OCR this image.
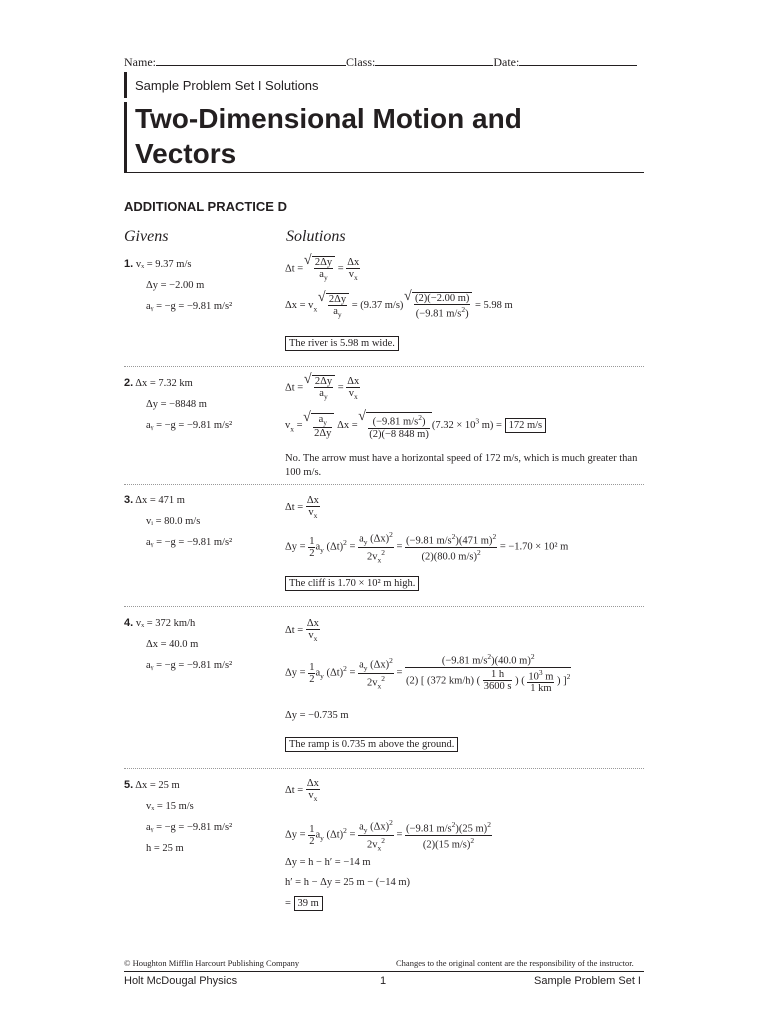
Name:	Class:	Date:
Sample Problem Set I Solutions
Two-Dimensional Motion and
Vectors
ADDITIONAL PRACTICE D
Givens	Solutions
1. vₓ = 9.37 m/s
Δy = −2.00 m
aᵧ = −g = −9.81 m/s²
Δt = √ $\frac{2\Delta y}{a_y} = \frac{\Delta x}{v_x}$
$\Delta x = v_x$ √ $\frac{2\Delta y}{a_y} = (9.37$ m/s) √ $\frac{(2)(-2.00 m)}{(-9.81 m/s^2)} = 5.98$ m
The river is 5.98 m wide.
2. Δx = 7.32 km
Δy = −8848 m
aᵧ = −g = −9.81 m/s²
Δt = √ $\frac{2\Delta y}{a_y} = \frac{\Delta x}{v_x}$
$v_x$ = √ $\frac{a_y}{2\Delta y}$ Δx = √ $\frac{(-9.81 m/s^2)}{(2)(-8 848 m)} (7.32 \times 10^3$ m) = 172 m/s
No. The arrow must have a horizontal speed of 172 m/s, which is much greater than 100 m/s.
3. Δx = 471 m
vᵢ = 80.0 m/s
aᵧ = −g = −9.81 m/s²
$\Delta t = \frac{\Delta x}{v_x}$
$\Delta y = \frac{1}{2} a_y$ $(\Delta t)^2 = \frac{a_y (\Delta x)^2}{2v_x^2} = \frac{(-9.81 m/s^2)(471 m)^2}{(2)(80.0 m/s)^2} = -1.70 \times 10^2$ m
The cliff is 1.70 × 10² m high.
4. vₓ = 372 km/h
Δx = 40.0 m
aᵧ = −g = −9.81 m/s²
$\Delta t = \frac{\Delta x}{v_x}$
$\Delta y = \frac{1}{2} a_y$ $(\Delta t)^2 = \frac{a_y (\Delta x)^2}{2v_x^2} = \frac{(-9.81 m/s^2)(40.0 m)^2}{(2) [ (372 km/h) ( \frac{1 h}{3600 s} ) ( \frac{10^3 m}{1 km} ) ]^2}$
Δy = −0.735 m
The ramp is 0.735 m above the ground.
5. Δx = 25 m
vₓ = 15 m/s
aᵧ = −g = −9.81 m/s²
h = 25 m
$\Delta t = \frac{\Delta x}{v_x}$
$\Delta y = \frac{1}{2} a_y$ $(\Delta t)^2 = \frac{a_y (\Delta x)^2}{2v_x^2} = \frac{(-9.81 m/s^2)(25 m)^2}{(2)(15 m/s)^2}$
Δy = h − h′ = −14 m
h′ = h − Δy = 25 m − (−14 m)
= 39 m
© Houghton Mifflin Harcourt Publishing Company	Changes to the original content are the responsibility of the instructor.
Holt McDougal Physics	1	Sample Problem Set I
